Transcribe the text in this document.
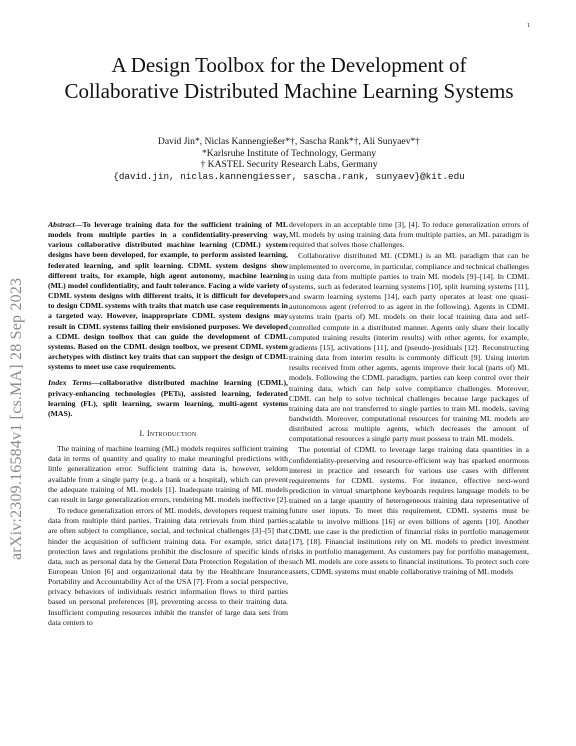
1
arXiv:2309.16584v1 [cs.MA] 28 Sep 2023
A Design Toolbox for the Development of Collaborative Distributed Machine Learning Systems
David Jin*, Niclas Kannengießer*†, Sascha Rank*†, Ali Sunyaev*†
*Karlsruhe Institute of Technology, Germany
† KASTEL Security Research Labs, Germany
{david.jin, niclas.kannengiesser, sascha.rank, sunyaev}@kit.edu

Abstract—To leverage training data for the sufficient training of ML models from multiple parties in a confidentiality-preserving way, various collaborative distributed machine learning (CDML) system designs have been developed, for example, to perform assisted learning, federated learning, and split learning. CDML system designs show different traits, for example, high agent autonomy, machine learning (ML) model confidentiality, and fault tolerance. Facing a wide variety of CDML system designs with different traits, it is difficult for developers to design CDML systems with traits that match use case requirements in a targeted way. However, inappropriate CDML system designs may result in CDML systems failing their envisioned purposes. We developed a CDML design toolbox that can guide the development of CDML systems. Based on the CDML design toolbox, we present CDML system archetypes with distinct key traits that can support the design of CDML systems to meet use case requirements.

Index Terms—collaborative distributed machine learning (CDML), privacy-enhancing technologies (PETs), assisted learning, federated learning (FL), split learning, swarm learning, multi-agent systems (MAS).

I. Introduction

The training of machine learning (ML) models requires sufficient training data in terms of quantity and quality to make meaningful predictions with little generalization error. Sufficient training data is, however, seldom available from a single party (e.g., a bank or a hospital), which can prevent the adequate training of ML models [1]. Inadequate training of ML models can result in large generalization errors, rendering ML models ineffective [2].

To reduce generalization errors of ML models, developers request training data from multiple third parties. Training data retrievals from third parties are often subject to compliance, social, and technical challenges [3]–[5] that hinder the acquisition of sufficient training data. For example, strict data protection laws and regulations prohibit the disclosure of specific kinds of data, such as personal data by the General Data Protection Regulation of the European Union [6] and organizational data by the Healthcare Insurance Portability and Accountability Act of the USA [7]. From a social perspective, privacy behaviors of individuals restrict information flows to third parties based on personal preferences [8], preventing access to their training data. Insufficient computing resources inhibit the transfer of large data sets from data centers to

developers in an acceptable time [3], [4]. To reduce generalization errors of ML models by using training data from multiple parties, an ML paradigm is required that solves those challenges.

Collaborative distributed ML (CDML) is an ML paradigm that can be implemented to overcome, in particular, compliance and technical challenges in using data from multiple parties to train ML models [9]–[14]. In CDML systems, such as federated learning systems [10], split learning systems [11], and swarm learning systems [14], each party operates at least one quasi-autonomous agent (referred to as agent in the following). Agents in CDML systems train (parts of) ML models on their local training data and self-controlled compute in a distributed manner. Agents only share their locally computed training results (interim results) with other agents, for example, gradients [15], activations [11], and (pseudo-)residuals [12]. Reconstructing training data from interim results is commonly difficult [9]. Using interim results received from other agents, agents improve their local (parts of) ML models. Following the CDML paradigm, parties can keep control over their training data, which can help solve compliance challenges. Moreover, CDML can help to solve technical challenges because large packages of training data are not transferred to single parties to train ML models, saving bandwidth. Moreover, computational resources for training ML models are distributed across multiple agents, which decreases the amount of computational resources a single party must possess to train ML models.

The potential of CDML to leverage large training data quantities in a confidentiality-preserving and resource-efficient way has sparked enormous interest in practice and research for various use cases with different requirements for CDML systems. For instance, effective next-word prediction in virtual smartphone keyboards requires language models to be trained on a large quantity of heterogeneous training data representative of future user inputs. To meet this requirement, CDML systems must be scalable to involve millions [16] or even billions of agents [10]. Another CDML use case is the prediction of financial risks in portfolio management [17], [18]. Financial institutions rely on ML models to predict investment risks in portfolio management. As customers pay for portfolio management, such ML models are core assets to financial institutions. To protect such core assets, CDML systems must enable collaborative training of ML models
